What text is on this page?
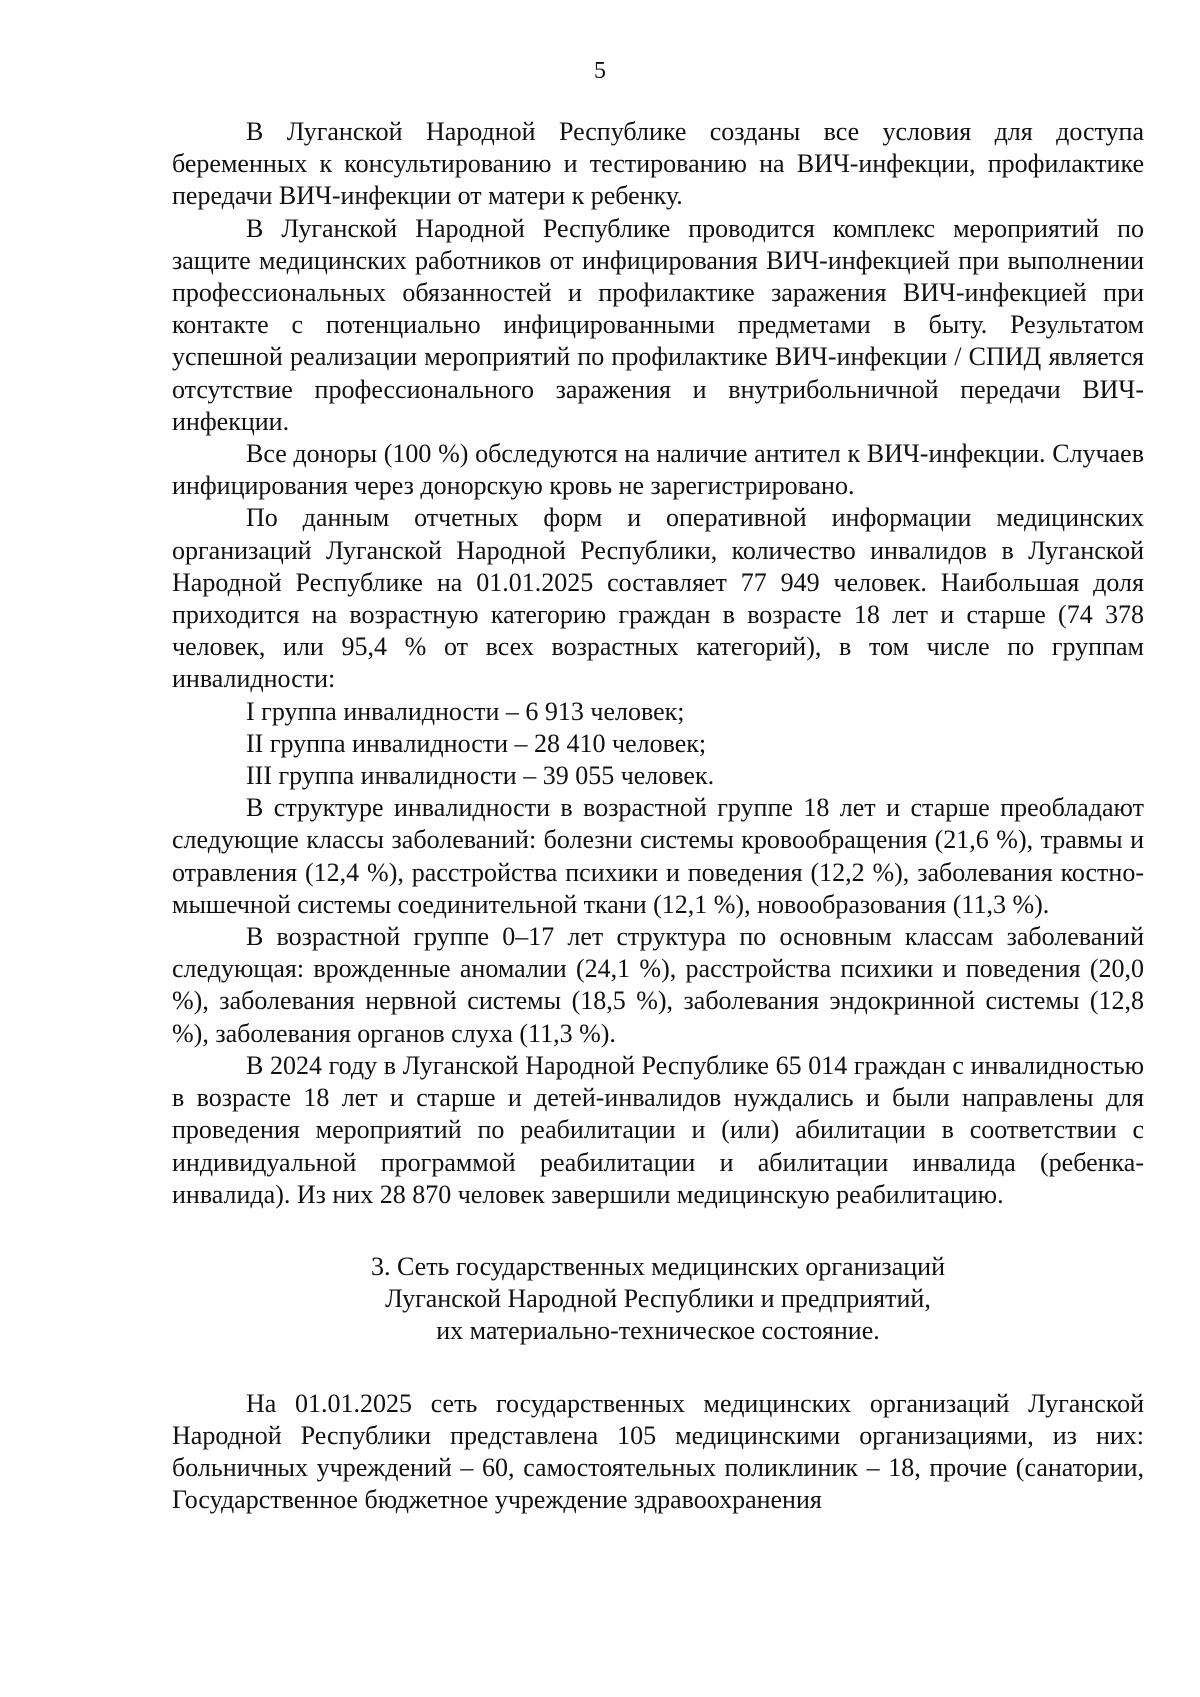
5

В Луганской Народной Республике созданы все условия для доступа беременных к консультированию и тестированию на ВИЧ-инфекции, профилактике передачи ВИЧ-инфекции от матери к ребенку.

В Луганской Народной Республике проводится комплекс мероприятий по защите медицинских работников от инфицирования ВИЧ-инфекцией при выполнении профессиональных обязанностей и профилактике заражения ВИЧ-инфекцией при контакте с потенциально инфицированными предметами в быту. Результатом успешной реализации мероприятий по профилактике ВИЧ-инфекции / СПИД является отсутствие профессионального заражения и внутрибольничной передачи ВИЧ-инфекции.

Все доноры (100 %) обследуются на наличие антител к ВИЧ-инфекции. Случаев инфицирования через донорскую кровь не зарегистрировано.

По данным отчетных форм и оперативной информации медицинских организаций Луганской Народной Республики, количество инвалидов в Луганской Народной Республике на 01.01.2025 составляет 77 949 человек. Наибольшая доля приходится на возрастную категорию граждан в возрасте 18 лет и старше (74 378 человек, или 95,4 % от всех возрастных категорий), в том числе по группам инвалидности:

I группа инвалидности – 6 913 человек;

II группа инвалидности – 28 410 человек;

III группа инвалидности – 39 055 человек.

В структуре инвалидности в возрастной группе 18 лет и старше преобладают следующие классы заболеваний: болезни системы кровообращения (21,6 %), травмы и отравления (12,4 %), расстройства психики и поведения (12,2 %), заболевания костно-мышечной системы соединительной ткани (12,1 %), новообразования (11,3 %).

В возрастной группе 0–17 лет структура по основным классам заболеваний следующая: врожденные аномалии (24,1 %), расстройства психики и поведения (20,0 %), заболевания нервной системы (18,5 %), заболевания эндокринной системы (12,8 %), заболевания органов слуха (11,3 %).

В 2024 году в Луганской Народной Республике 65 014 граждан с инвалидностью в возрасте 18 лет и старше и детей-инвалидов нуждались и были направлены для проведения мероприятий по реабилитации и (или) абилитации в соответствии с индивидуальной программой реабилитации и абилитации инвалида (ребенка-инвалида). Из них 28 870 человек завершили медицинскую реабилитацию.

3. Сеть государственных медицинских организаций
Луганской Народной Республики и предприятий,
их материально-техническое состояние.

На 01.01.2025 сеть государственных медицинских организаций Луганской Народной Республики представлена 105 медицинскими организациями, из них: больничных учреждений – 60, самостоятельных поликлиник – 18, прочие (санатории, Государственное бюджетное учреждение здравоохранения
